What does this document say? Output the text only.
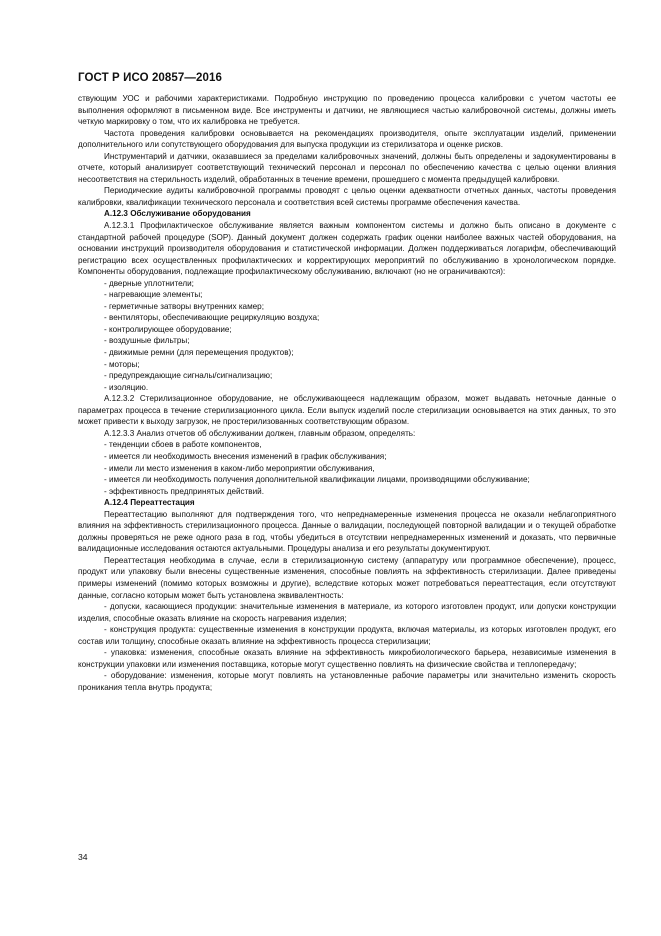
ГОСТ Р ИСО 20857—2016

ствующим УОС и рабочими характеристиками. Подробную инструкцию по проведению процесса калибровки с учетом частоты ее выполнения оформляют в письменном виде. Все инструменты и датчики, не являющиеся частью калибровочной системы, должны иметь четкую маркировку о том, что их калибровка не требуется.

Частота проведения калибровки основывается на рекомендациях производителя, опыте эксплуатации изделий, применении дополнительного или сопутствующего оборудования для выпуска продукции из стерилизатора и оценке рисков.

Инструментарий и датчики, оказавшиеся за пределами калибровочных значений, должны быть определены и задокументированы в отчете, который анализирует соответствующий технический персонал и персонал по обеспечению качества с целью оценки влияния несоответствия на стерильность изделий, обработанных в течение времени, прошедшего с момента предыдущей калибровки.

Периодические аудиты калибровочной программы проводят с целью оценки адекватности отчетных данных, частоты проведения калибровки, квалификации технического персонала и соответствия всей системы программе обеспечения качества.

А.12.3 Обслуживание оборудования

А.12.3.1 Профилактическое обслуживание является важным компонентом системы и должно быть описано в документе с стандартной рабочей процедуре (SOP). Данный документ должен содержать график оценки наиболее важных частей оборудования, на основании инструкций производителя оборудования и статистической информации. Должен поддерживаться логарифм, обеспечивающий регистрацию всех осуществленных профилактических и корректирующих мероприятий по обслуживанию в хронологическом порядке. Компоненты оборудования, подлежащие профилактическому обслуживанию, включают (но не ограничиваются):

- дверные уплотнители;

- нагревающие элементы;

- герметичные затворы внутренних камер;

- вентиляторы, обеспечивающие рециркуляцию воздуха;

- контролирующее оборудование;

- воздушные фильтры;

- движимые ремни (для перемещения продуктов);

- моторы;

- предупреждающие сигналы/сигнализацию;

- изоляцию.

А.12.3.2 Стерилизационное оборудование, не обслуживающееся надлежащим образом, может выдавать неточные данные о параметрах процесса в течение стерилизационного цикла. Если выпуск изделий после стерилизации основывается на этих данных, то это может привести к выходу загрузок, не простерилизованных соответствующим образом.

А.12.3.3 Анализ отчетов об обслуживании должен, главным образом, определять:

- тенденции сбоев в работе компонентов,

- имеется ли необходимость внесения изменений в график обслуживания;

- имели ли место изменения в каком-либо мероприятии обслуживания,

- имеется ли необходимость получения дополнительной квалификации лицами, производящими обслуживание;

- эффективность предпринятых действий.

А.12.4 Переаттестация

Переаттестацию выполняют для подтверждения того, что непреднамеренные изменения процесса не оказали неблагоприятного влияния на эффективность стерилизационного процесса. Данные о валидации, последующей повторной валидации и о текущей обработке должны проверяться не реже одного раза в год, чтобы убедиться в отсутствии непреднамеренных изменений и доказать, что первичные валидационные исследования остаются актуальными. Процедуры анализа и его результаты документируют.

Переаттестация необходима в случае, если в стерилизационную систему (аппаратуру или программное обеспечение), процесс, продукт или упаковку были внесены существенные изменения, способные повлиять на эффективность стерилизации. Далее приведены примеры изменений (помимо которых возможны и другие), вследствие которых может потребоваться переаттестация, если отсутствуют данные, согласно которым может быть установлена эквивалентность:

- допуски, касающиеся продукции: значительные изменения в материале, из которого изготовлен продукт, или допуски конструкции изделия, способные оказать влияние на скорость нагревания изделия;

- конструкция продукта: существенные изменения в конструкции продукта, включая материалы, из которых изготовлен продукт, его состав или толщину, способные оказать влияние на эффективность процесса стерилизации;

- упаковка: изменения, способные оказать влияние на эффективность микробиологического барьера, независимые изменения в конструкции упаковки или изменения поставщика, которые могут существенно повлиять на физические свойства и теплопередачу;

- оборудование: изменения, которые могут повлиять на установленные рабочие параметры или значительно изменить скорость проникания тепла внутрь продукта;

34
